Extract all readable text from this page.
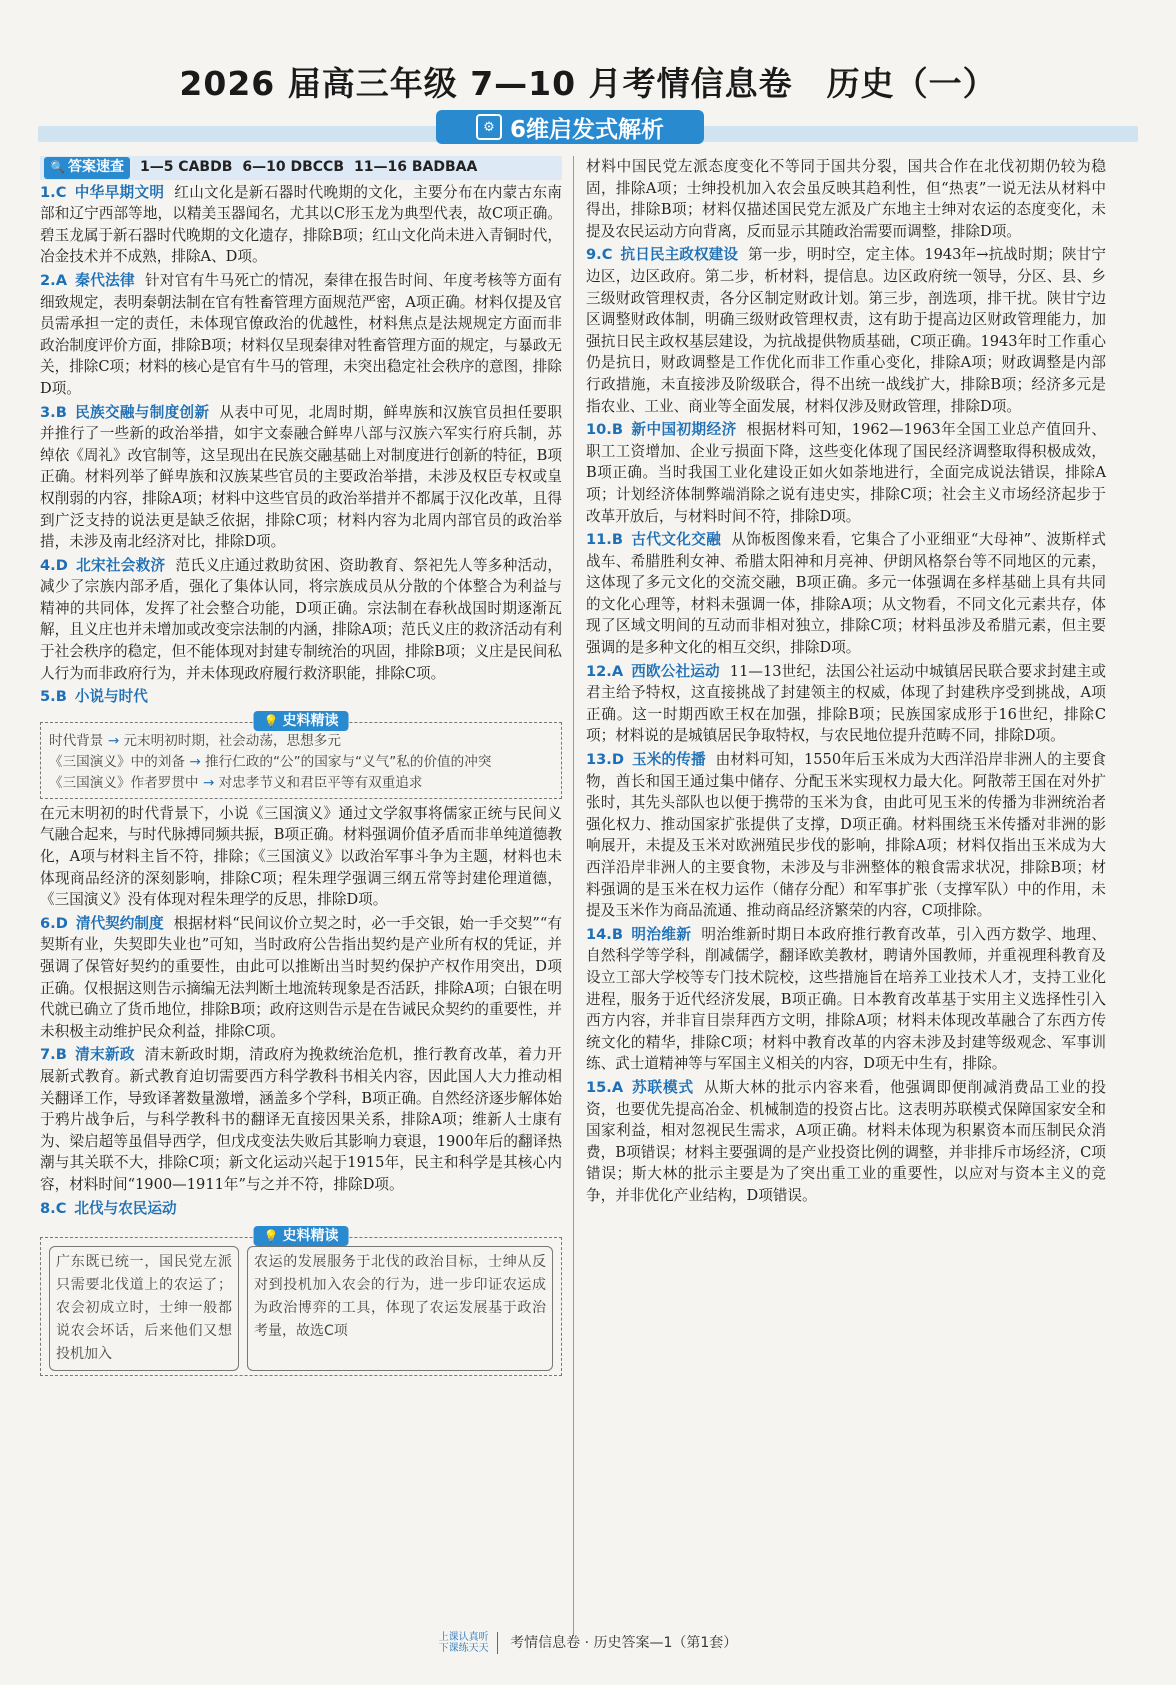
2026 届高三年级 7—10 月考情信息卷　历史（一）
⚙ 6维启发式解析
🔍 答案速查 1—5 CABDB 6—10 DBCCB 11—16 BADBAA

1.C 中华早期文明 红山文化是新石器时代晚期的文化，主要分布在内蒙古东南部和辽宁西部等地，以精美玉器闻名，尤其以C形玉龙为典型代表，故C项正确。碧玉龙属于新石器时代晚期的文化遗存，排除B项；红山文化尚未进入青铜时代，冶金技术并不成熟，排除A、D项。

2.A 秦代法律 针对官有牛马死亡的情况，秦律在报告时间、年度考核等方面有细致规定，表明秦朝法制在官有牲畜管理方面规范严密，A项正确。材料仅提及官员需承担一定的责任，未体现官僚政治的优越性，材料焦点是法规规定方面而非政治制度评价方面，排除B项；材料仅呈现秦律对牲畜管理方面的规定，与暴政无关，排除C项；材料的核心是官有牛马的管理，未突出稳定社会秩序的意图，排除D项。

3.B 民族交融与制度创新 从表中可见，北周时期，鲜卑族和汉族官员担任要职并推行了一些新的政治举措，如宇文泰融合鲜卑八部与汉族六军实行府兵制，苏绰依《周礼》改官制等，这呈现出在民族交融基础上对制度进行创新的特征，B项正确。材料列举了鲜卑族和汉族某些官员的主要政治举措，未涉及权臣专权或皇权削弱的内容，排除A项；材料中这些官员的政治举措并不都属于汉化改革，且得到广泛支持的说法更是缺乏依据，排除C项；材料内容为北周内部官员的政治举措，未涉及南北经济对比，排除D项。

4.D 北宋社会救济 范氏义庄通过救助贫困、资助教育、祭祀先人等多种活动，减少了宗族内部矛盾，强化了集体认同，将宗族成员从分散的个体整合为利益与精神的共同体，发挥了社会整合功能，D项正确。宗法制在春秋战国时期逐渐瓦解，且义庄也并未增加或改变宗法制的内涵，排除A项；范氏义庄的救济活动有利于社会秩序的稳定，但不能体现对封建专制统治的巩固，排除B项；义庄是民间私人行为而非政府行为，并未体现政府履行救济职能，排除C项。

5.B 小说与时代

💡 史料精读
时代背景 → 元末明初时期，社会动荡，思想多元
《三国演义》中的刘备 → 推行仁政的“公”的国家与“义气”私的价值的冲突
《三国演义》作者罗贯中 → 对忠孝节义和君臣平等有双重追求

在元末明初的时代背景下，小说《三国演义》通过文学叙事将儒家正统与民间义气融合起来，与时代脉搏同频共振，B项正确。材料强调价值矛盾而非单纯道德教化，A项与材料主旨不符，排除；《三国演义》以政治军事斗争为主题，材料也未体现商品经济的深刻影响，排除C项；程朱理学强调三纲五常等封建伦理道德，《三国演义》没有体现对程朱理学的反思，排除D项。

6.D 清代契约制度 根据材料“民间议价立契之时，必一手交银，始一手交契”“有契斯有业，失契即失业也”可知，当时政府公告指出契约是产业所有权的凭证，并强调了保管好契约的重要性，由此可以推断出当时契约保护产权作用突出，D项正确。仅根据这则告示摘编无法判断土地流转现象是否活跃，排除A项；白银在明代就已确立了货币地位，排除B项；政府这则告示是在告诫民众契约的重要性，并未积极主动维护民众利益，排除C项。

7.B 清末新政 清末新政时期，清政府为挽救统治危机，推行教育改革，着力开展新式教育。新式教育迫切需要西方科学教科书相关内容，因此国人大力推动相关翻译工作，导致译著数量激增，涵盖多个学科，B项正确。自然经济逐步解体始于鸦片战争后，与科学教科书的翻译无直接因果关系，排除A项；维新人士康有为、梁启超等虽倡导西学，但戊戌变法失败后其影响力衰退，1900年后的翻译热潮与其关联不大，排除C项；新文化运动兴起于1915年，民主和科学是其核心内容，材料时间“1900—1911年”与之并不符，排除D项。

8.C 北伐与农民运动

💡 史料精读
广东既已统一，国民党左派只需要北伐道上的农运了；农会初成立时，士绅一般都说农会坏话，后来他们又想投机加入
农运的发展服务于北伐的政治目标，士绅从反对到投机加入农会的行为，进一步印证农运成为政治博弈的工具，体现了农运发展基于政治考量，故选C项

材料中国民党左派态度变化不等同于国共分裂，国共合作在北伐初期仍较为稳固，排除A项；士绅投机加入农会虽反映其趋利性，但“热衷”一说无法从材料中得出，排除B项；材料仅描述国民党左派及广东地主士绅对农运的态度变化，未提及农民运动方向背离，反而显示其随政治需要而调整，排除D项。

9.C 抗日民主政权建设 第一步，明时空，定主体。1943年→抗战时期；陕甘宁边区，边区政府。第二步，析材料，提信息。边区政府统一领导，分区、县、乡三级财政管理权责，各分区制定财政计划。第三步，剖选项，排干扰。陕甘宁边区调整财政体制，明确三级财政管理权责，这有助于提高边区财政管理能力，加强抗日民主政权基层建设，为抗战提供物质基础，C项正确。1943年时工作重心仍是抗日，财政调整是工作优化而非工作重心变化，排除A项；财政调整是内部行政措施，未直接涉及阶级联合，得不出统一战线扩大，排除B项；经济多元是指农业、工业、商业等全面发展，材料仅涉及财政管理，排除D项。

10.B 新中国初期经济 根据材料可知，1962—1963年全国工业总产值回升、职工工资增加、企业亏损面下降，这些变化体现了国民经济调整取得积极成效，B项正确。当时我国工业化建设正如火如荼地进行，全面完成说法错误，排除A项；计划经济体制弊端消除之说有违史实，排除C项；社会主义市场经济起步于改革开放后，与材料时间不符，排除D项。

11.B 古代文化交融 从饰板图像来看，它集合了小亚细亚“大母神”、波斯样式战车、希腊胜利女神、希腊太阳神和月亮神、伊朗风格祭台等不同地区的元素，这体现了多元文化的交流交融，B项正确。多元一体强调在多样基础上具有共同的文化心理等，材料未强调一体，排除A项；从文物看，不同文化元素共存，体现了区域文明间的互动而非相对独立，排除C项；材料虽涉及希腊元素，但主要强调的是多种文化的相互交织，排除D项。

12.A 西欧公社运动 11—13世纪，法国公社运动中城镇居民联合要求封建主或君主给予特权，这直接挑战了封建领主的权威，体现了封建秩序受到挑战，A项正确。这一时期西欧王权在加强，排除B项；民族国家成形于16世纪，排除C项；材料说的是城镇居民争取特权，与农民地位提升范畴不同，排除D项。

13.D 玉米的传播 由材料可知，1550年后玉米成为大西洋沿岸非洲人的主要食物，酋长和国王通过集中储存、分配玉米实现权力最大化。阿散蒂王国在对外扩张时，其先头部队也以便于携带的玉米为食，由此可见玉米的传播为非洲统治者强化权力、推动国家扩张提供了支撑，D项正确。材料围绕玉米传播对非洲的影响展开，未提及玉米对欧洲殖民步伐的影响，排除A项；材料仅指出玉米成为大西洋沿岸非洲人的主要食物，未涉及与非洲整体的粮食需求状况，排除B项；材料强调的是玉米在权力运作（储存分配）和军事扩张（支撑军队）中的作用，未提及玉米作为商品流通、推动商品经济繁荣的内容，C项排除。

14.B 明治维新 明治维新时期日本政府推行教育改革，引入西方数学、地理、自然科学等学科，削减儒学，翻译欧美教材，聘请外国教师，并重视理科教育及设立工部大学校等专门技术院校，这些措施旨在培养工业技术人才，支持工业化进程，服务于近代经济发展，B项正确。日本教育改革基于实用主义选择性引入西方内容，并非盲目崇拜西方文明，排除A项；材料未体现改革融合了东西方传统文化的精华，排除C项；材料中教育改革的内容未涉及封建等级观念、军事训练、武士道精神等与军国主义相关的内容，D项无中生有，排除。

15.A 苏联模式 从斯大林的批示内容来看，他强调即便削减消费品工业的投资，也要优先提高冶金、机械制造的投资占比。这表明苏联模式保障国家安全和国家利益，相对忽视民生需求，A项正确。材料未体现为积累资本而压制民众消费，B项错误；材料主要强调的是产业投资比例的调整，并非排斥市场经济，C项错误；斯大林的批示主要是为了突出重工业的重要性，以应对与资本主义的竞争，并非优化产业结构，D项错误。

上课认真听
下课练天天 考情信息卷 · 历史答案—1（第1套）
